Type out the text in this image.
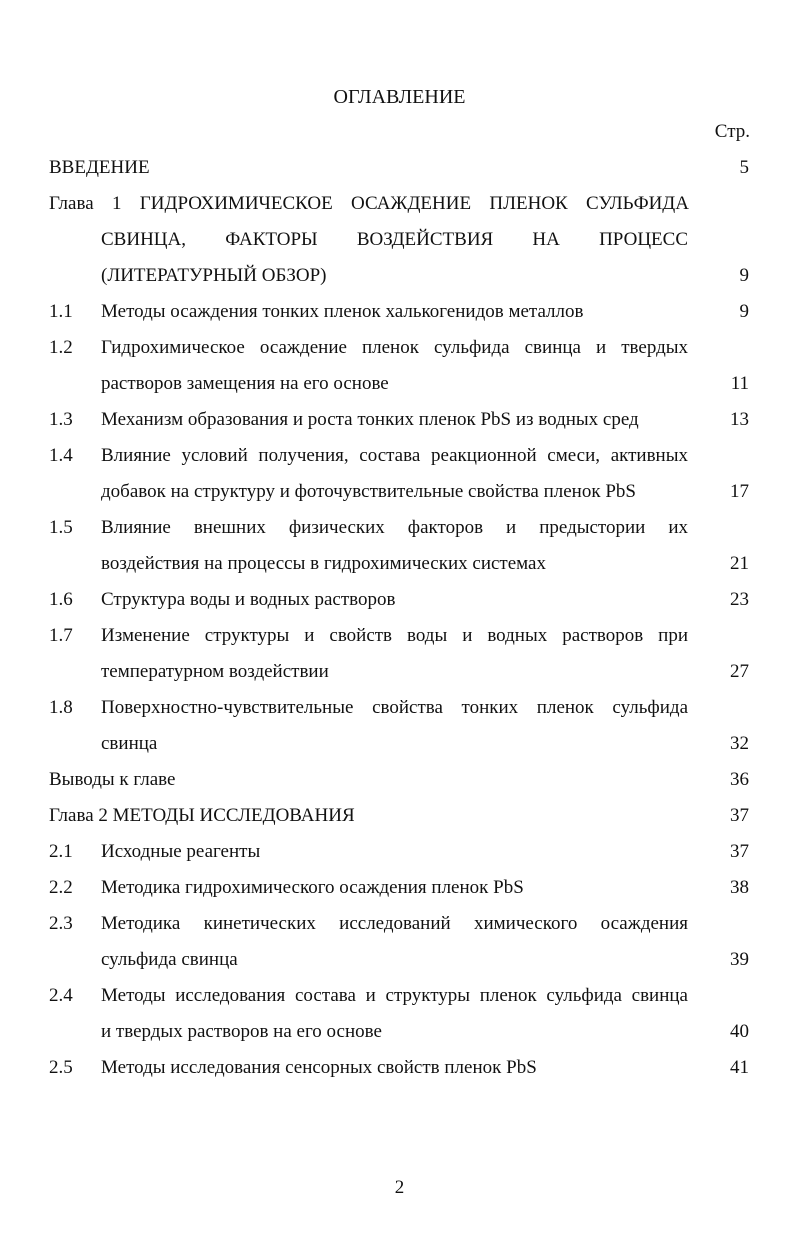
ОГЛАВЛЕНИЕ
Стр.
ВВЕДЕНИЕ	5
Глава 1 ГИДРОХИМИЧЕСКОЕ ОСАЖДЕНИЕ ПЛЕНОК СУЛЬФИДА
СВИНЦА, ФАКТОРЫ ВОЗДЕЙСТВИЯ НА ПРОЦЕСС
(ЛИТЕРАТУРНЫЙ ОБЗОР)	9
1.1 Методы осаждения тонких пленок халькогенидов металлов	9
1.2 Гидрохимическое осаждение пленок сульфида свинца и твердых
растворов замещения на его основе	11
1.3 Механизм образования и роста тонких пленок PbS из водных сред	13
1.4 Влияние условий получения, состава реакционной смеси, активных
добавок на структуру и фоточувствительные свойства пленок PbS	17
1.5 Влияние внешних физических факторов и предыстории их
воздействия на процессы в гидрохимических системах	21
1.6 Структура воды и водных растворов	23
1.7 Изменение структуры и свойств воды и водных растворов при
температурном воздействии	27
1.8 Поверхностно-чувствительные свойства тонких пленок сульфида
свинца	32
Выводы к главе	36
Глава 2 МЕТОДЫ ИССЛЕДОВАНИЯ	37
2.1 Исходные реагенты	37
2.2 Методика гидрохимического осаждения пленок PbS	38
2.3 Методика кинетических исследований химического осаждения
сульфида свинца	39
2.4 Методы исследования состава и структуры пленок сульфида свинца
и твердых растворов на его основе	40
2.5 Методы исследования сенсорных свойств пленок PbS	41
2
